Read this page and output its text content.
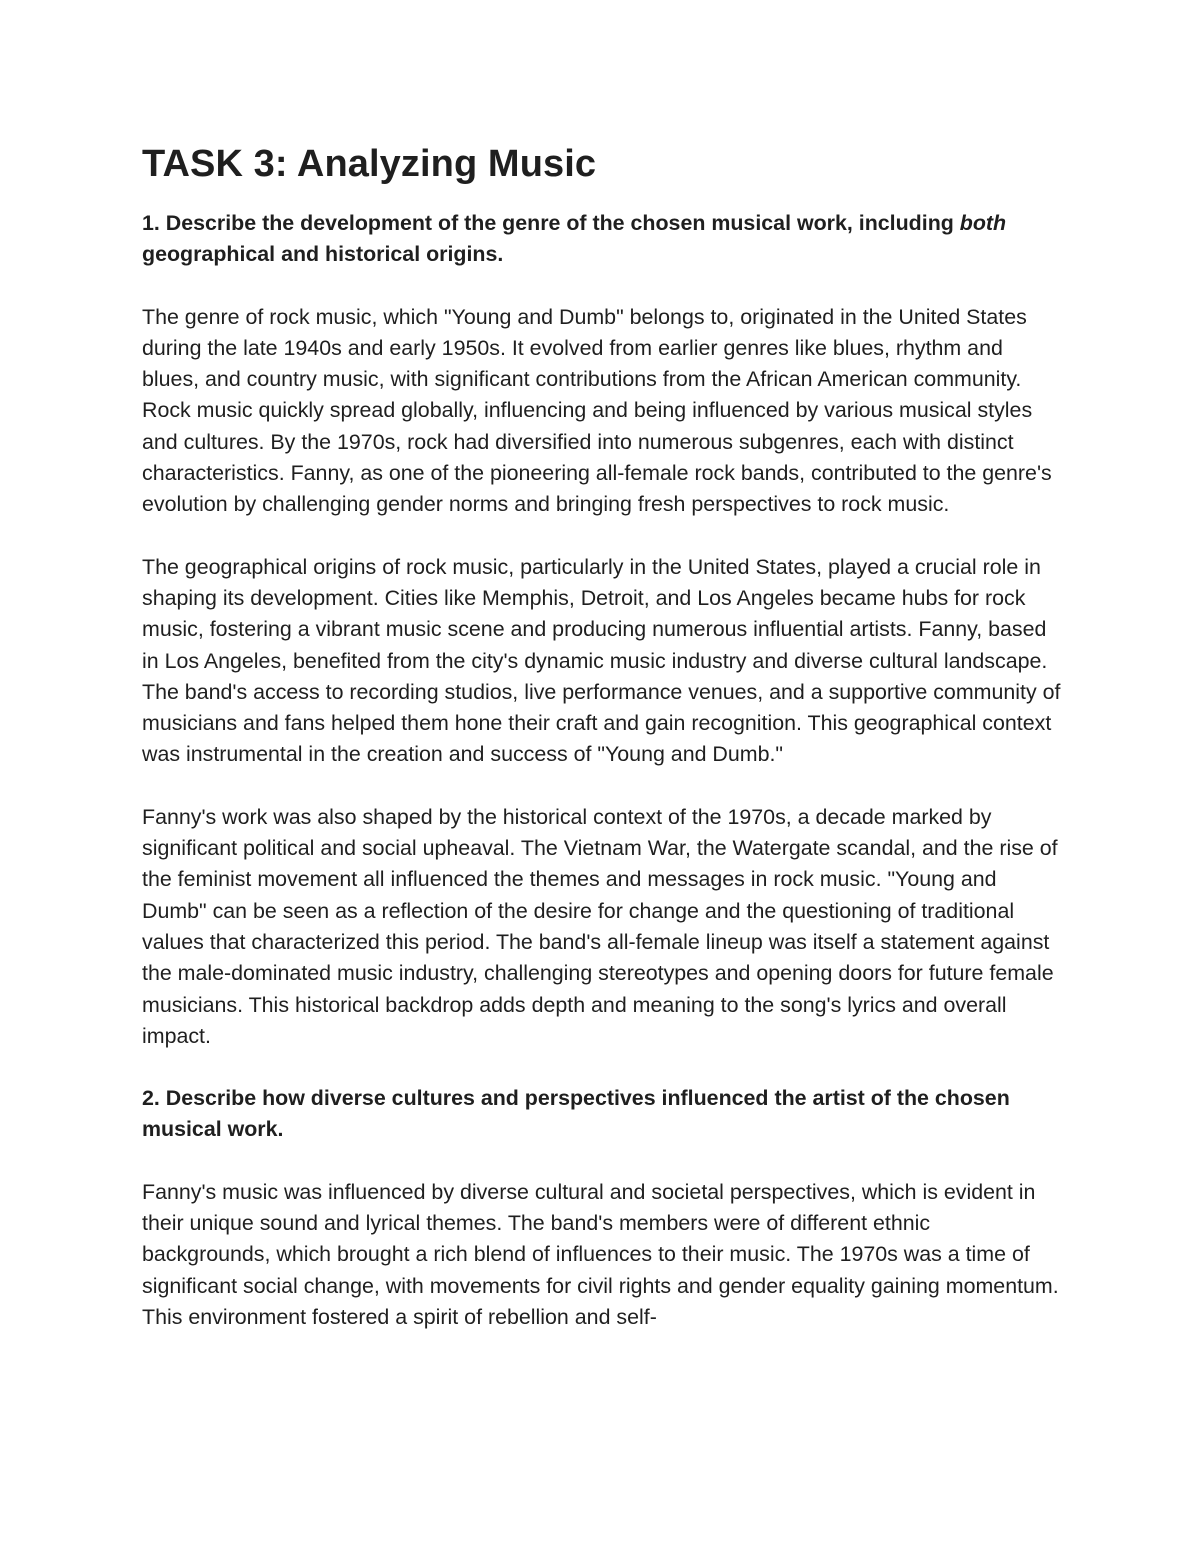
TASK 3: Analyzing Music
1. Describe the development of the genre of the chosen musical work, including both geographical and historical origins.

The genre of rock music, which "Young and Dumb" belongs to, originated in the United States during the late 1940s and early 1950s. It evolved from earlier genres like blues, rhythm and blues, and country music, with significant contributions from the African American community. Rock music quickly spread globally, influencing and being influenced by various musical styles and cultures. By the 1970s, rock had diversified into numerous subgenres, each with distinct characteristics. Fanny, as one of the pioneering all-female rock bands, contributed to the genre's evolution by challenging gender norms and bringing fresh perspectives to rock music.

The geographical origins of rock music, particularly in the United States, played a crucial role in shaping its development. Cities like Memphis, Detroit, and Los Angeles became hubs for rock music, fostering a vibrant music scene and producing numerous influential artists. Fanny, based in Los Angeles, benefited from the city's dynamic music industry and diverse cultural landscape. The band's access to recording studios, live performance venues, and a supportive community of musicians and fans helped them hone their craft and gain recognition. This geographical context was instrumental in the creation and success of "Young and Dumb."

Fanny's work was also shaped by the historical context of the 1970s, a decade marked by significant political and social upheaval. The Vietnam War, the Watergate scandal, and the rise of the feminist movement all influenced the themes and messages in rock music. "Young and Dumb" can be seen as a reflection of the desire for change and the questioning of traditional values that characterized this period. The band's all-female lineup was itself a statement against the male-dominated music industry, challenging stereotypes and opening doors for future female musicians. This historical backdrop adds depth and meaning to the song's lyrics and overall impact.

2. Describe how diverse cultures and perspectives influenced the artist of the chosen musical work.

Fanny's music was influenced by diverse cultural and societal perspectives, which is evident in their unique sound and lyrical themes. The band's members were of different ethnic backgrounds, which brought a rich blend of influences to their music. The 1970s was a time of significant social change, with movements for civil rights and gender equality gaining momentum. This environment fostered a spirit of rebellion and self-
